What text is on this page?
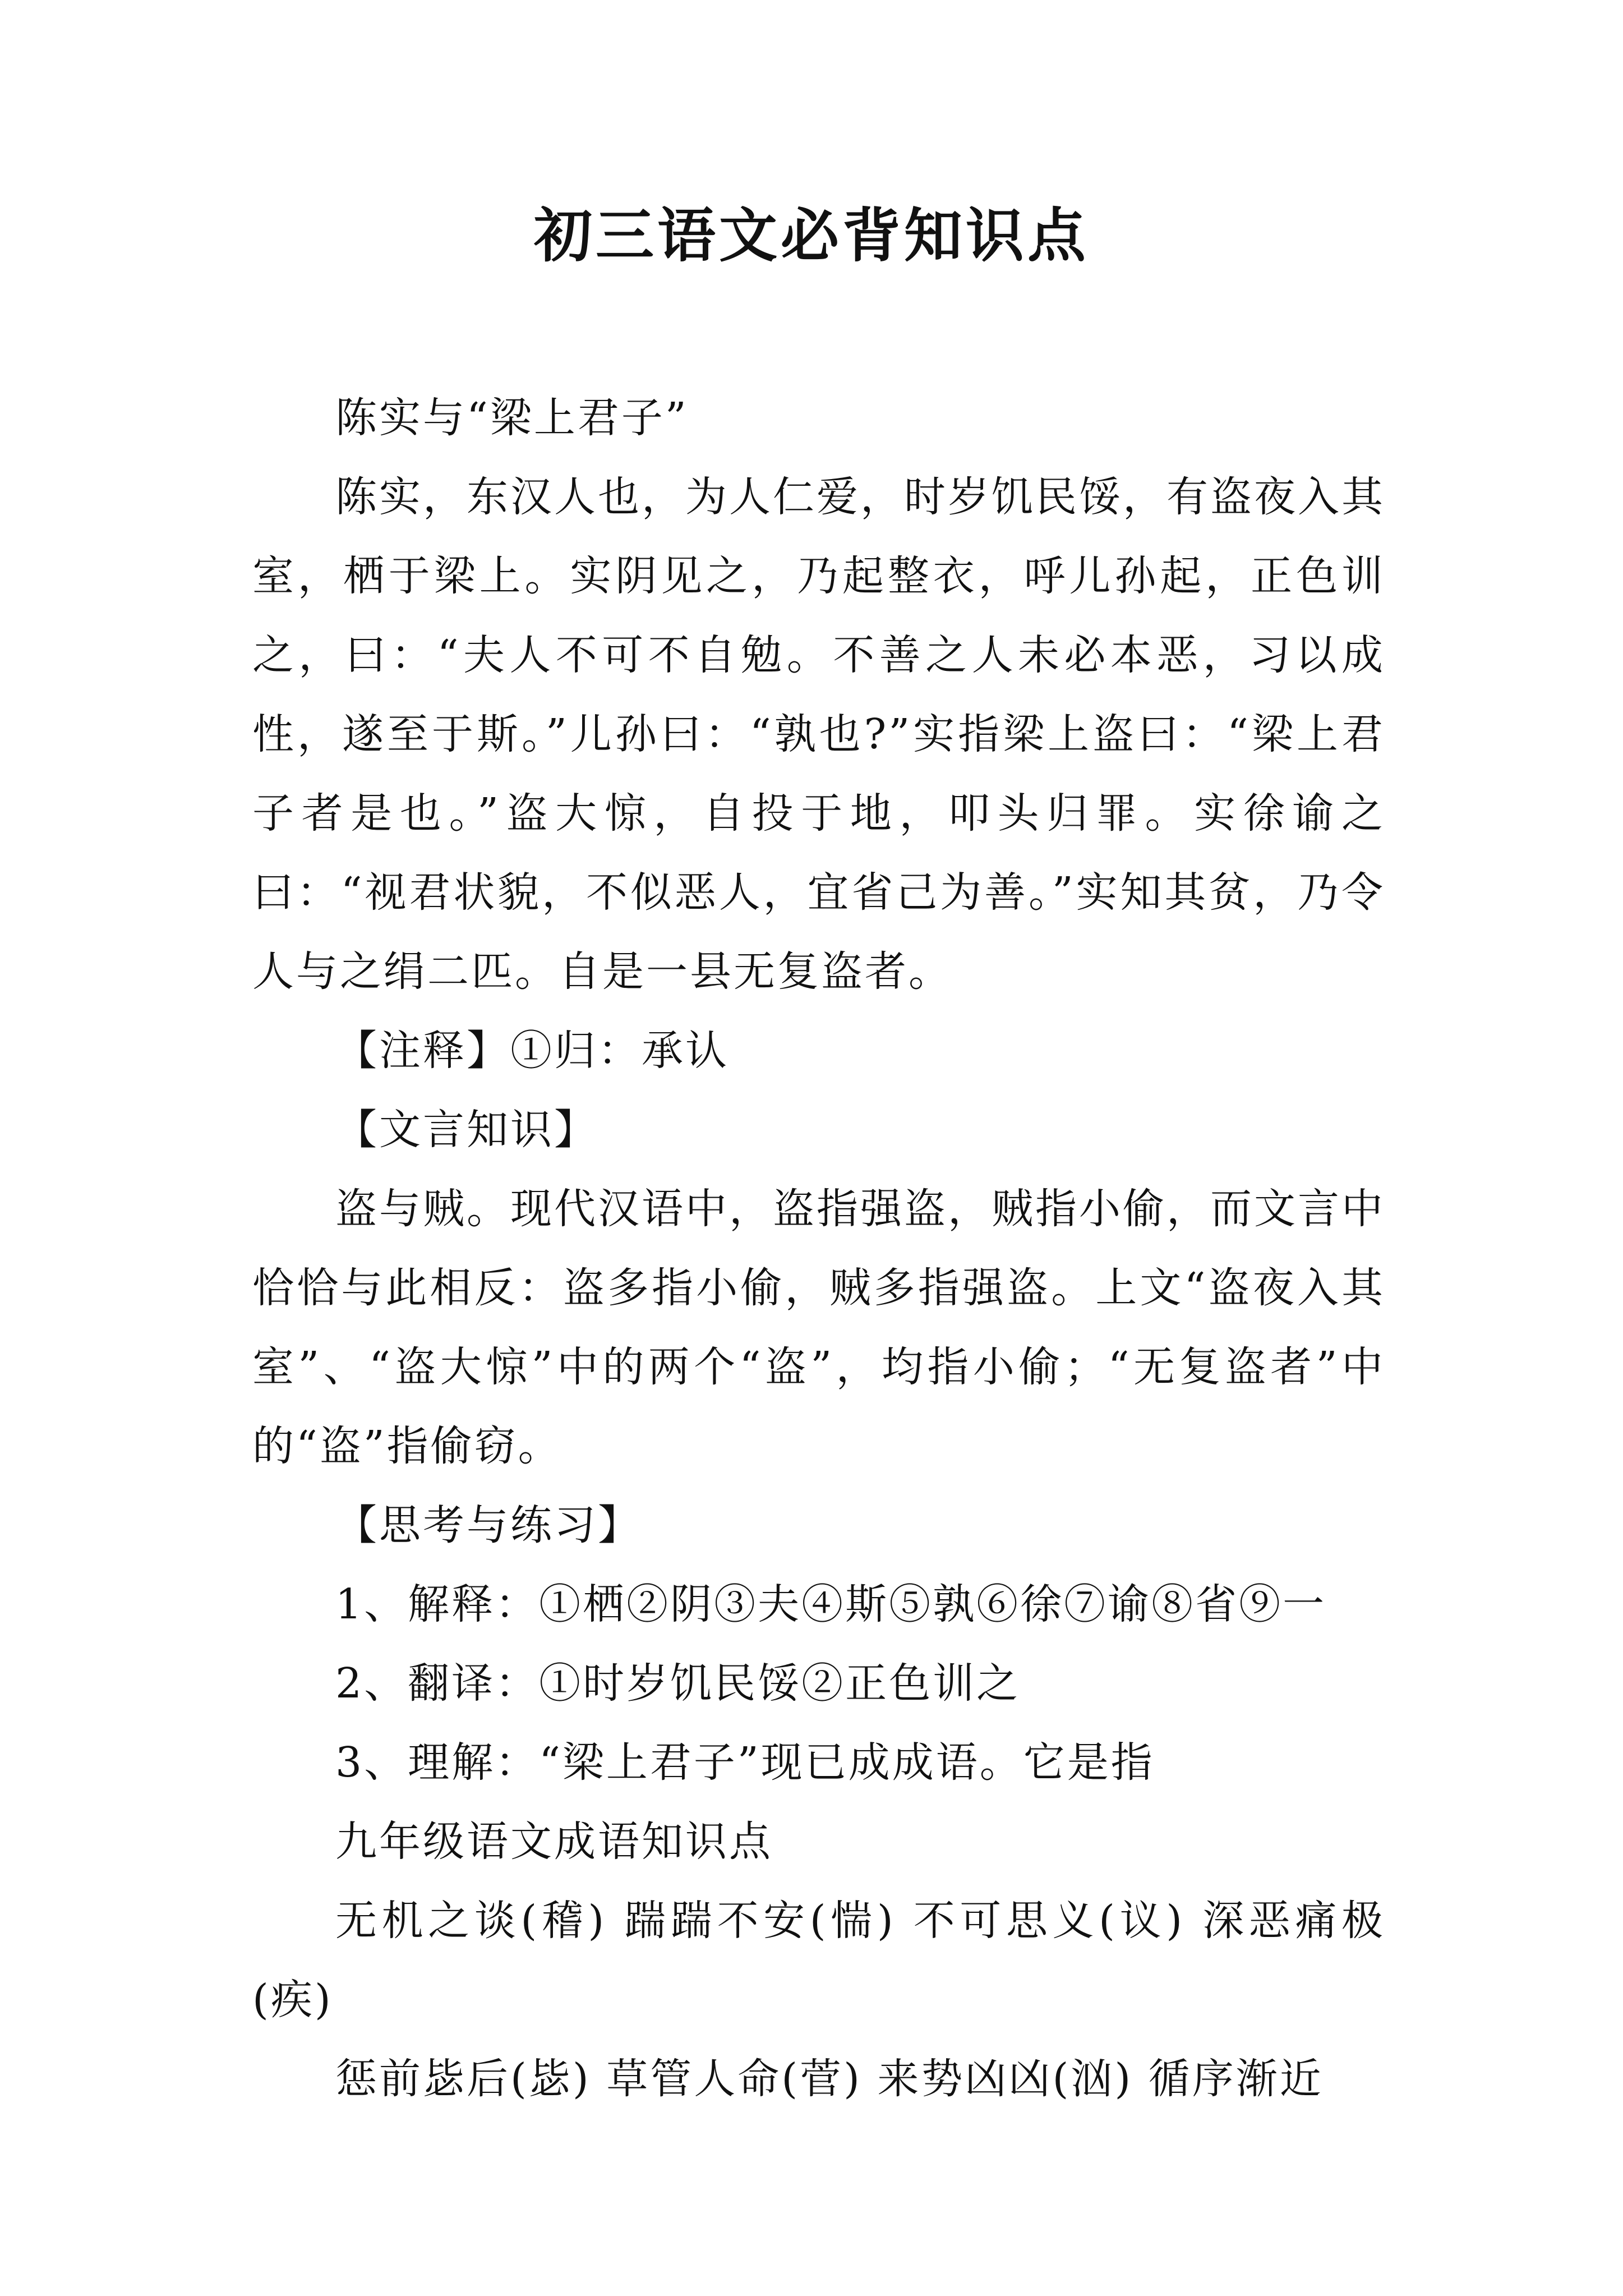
初三语文必背知识点

陈实与“梁上君子”

陈实，东汉人也，为人仁爱，时岁饥民馁，有盗夜入其室，栖于梁上。实阴见之，乃起整衣，呼儿孙起，正色训之，曰：“夫人不可不自勉。不善之人未必本恶，习以成性，遂至于斯。”儿孙曰：“孰也?”实指梁上盗曰：“梁上君子者是也。”盗大惊，自投于地，叩头归罪。实徐谕之曰：“视君状貌，不似恶人，宜省己为善。”实知其贫，乃令人与之绢二匹。自是一县无复盗者。

【注释】①归：承认

【文言知识】

盗与贼。现代汉语中，盗指强盗，贼指小偷，而文言中恰恰与此相反：盗多指小偷，贼多指强盗。上文“盗夜入其室”、“盗大惊”中的两个“盗”，均指小偷；“无复盗者”中的“盗”指偷窃。

【思考与练习】

1、解释：①栖②阴③夫④斯⑤孰⑥徐⑦谕⑧省⑨一

2、翻译：①时岁饥民馁②正色训之

3、理解：“梁上君子”现已成成语。它是指

九年级语文成语知识点

无机之谈(稽) 踹踹不安(惴) 不可思义(议) 深恶痛极(疾)

惩前毖后(毖) 草管人命(菅) 来势凶凶(汹) 循序渐近
